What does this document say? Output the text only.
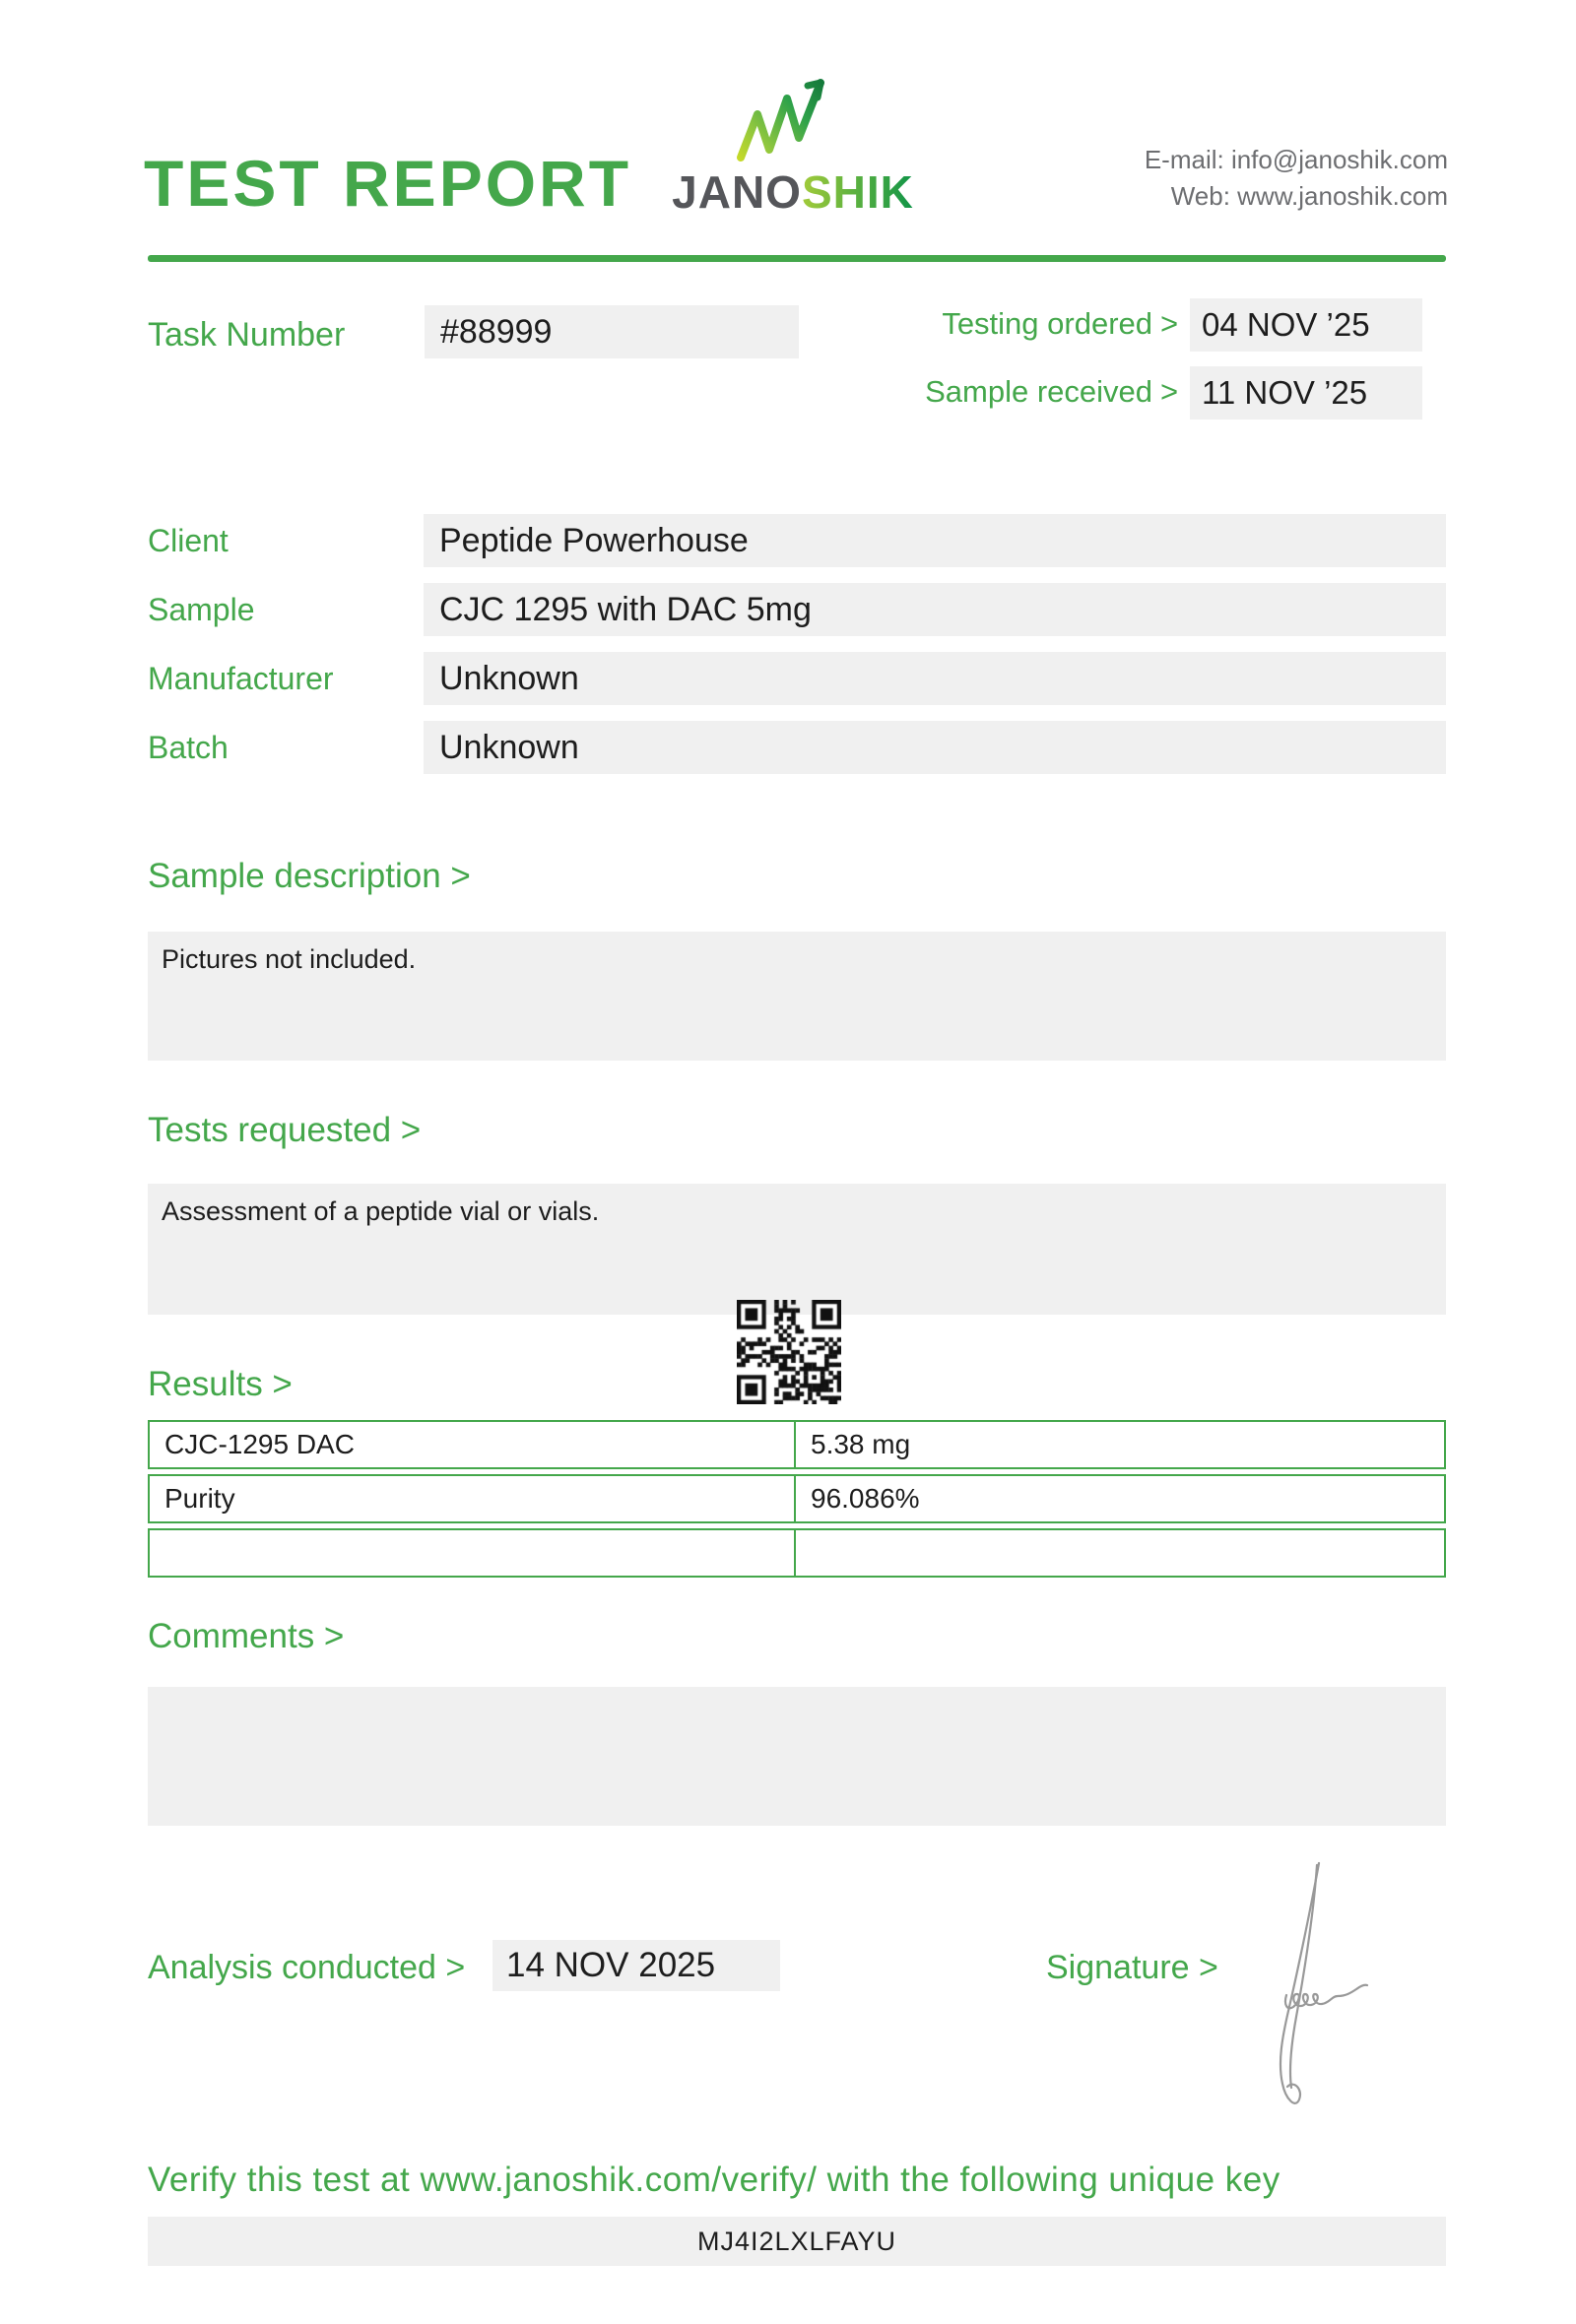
TEST REPORT JANOSHIK
E-mail: info@janoshik.com
Web: www.janoshik.com
Task Number	#88999	Testing ordered > 04 NOV ’25
Sample received > 11 NOV ’25
Client	Peptide Powerhouse
Sample	CJC 1295 with DAC 5mg
Manufacturer	Unknown
Batch	Unknown
Sample description >
Pictures not included.
Tests requested >
Assessment of a peptide vial or vials.
Results >
CJC-1295 DAC	5.38 mg
Purity	96.086%
Comments >
Analysis conducted >	14 NOV 2025	Signature >
Verify this test at www.janoshik.com/verify/ with the following unique key
MJ4I2LXLFAYU
